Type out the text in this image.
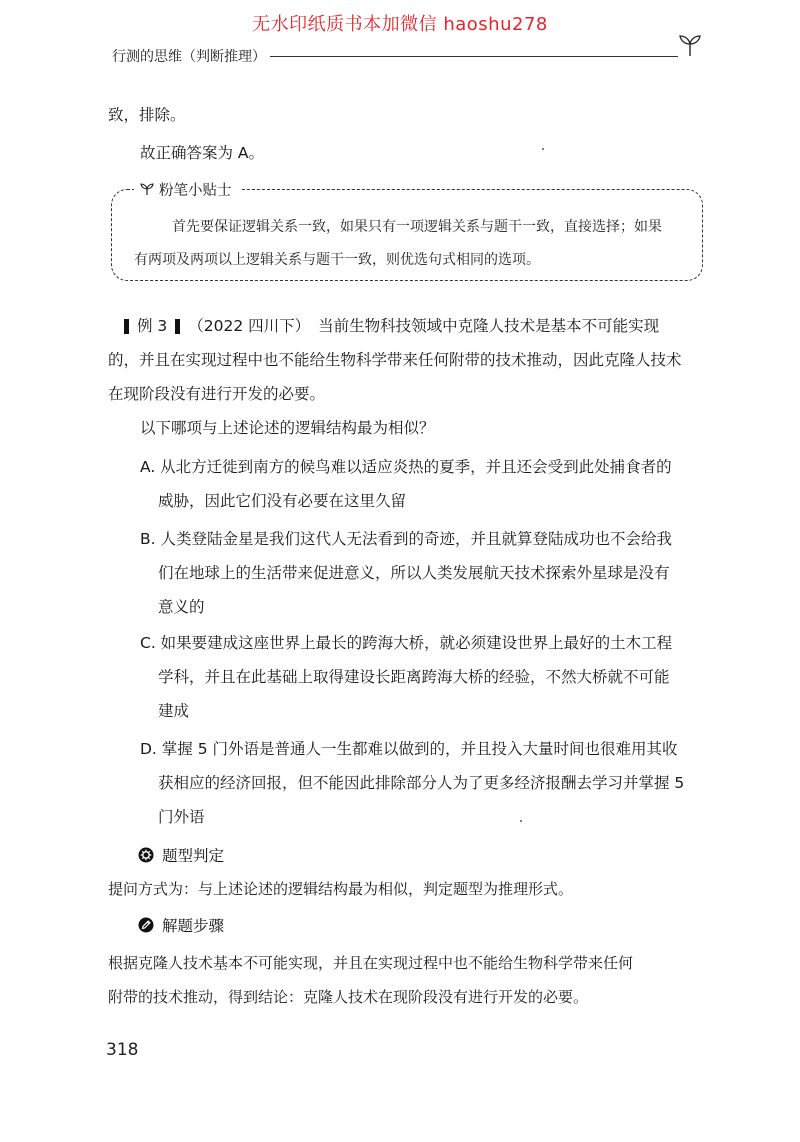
无水印纸质书本加微信 haoshu278
行测的思维（判断推理）
致，排除。
故正确答案为 A。
粉笔小贴士
首先要保证逻辑关系一致，如果只有一项逻辑关系与题干一致，直接选择；如果
有两项及两项以上逻辑关系与题干一致，则优选句式相同的选项。
例 3 （2022 四川下） 当前生物科技领域中克隆人技术是基本不可能实现
的，并且在实现过程中也不能给生物科学带来任何附带的技术推动，因此克隆人技术
在现阶段没有进行开发的必要。
以下哪项与上述论述的逻辑结构最为相似？
A. 从北方迁徙到南方的候鸟难以适应炎热的夏季，并且还会受到此处捕食者的
威胁，因此它们没有必要在这里久留
B. 人类登陆金星是我们这代人无法看到的奇迹，并且就算登陆成功也不会给我
们在地球上的生活带来促进意义，所以人类发展航天技术探索外星球是没有
意义的
C. 如果要建成这座世界上最长的跨海大桥，就必须建设世界上最好的土木工程
学科，并且在此基础上取得建设长距离跨海大桥的经验，不然大桥就不可能
建成
D. 掌握 5 门外语是普通人一生都难以做到的，并且投入大量时间也很难用其收
获相应的经济回报，但不能因此排除部分人为了更多经济报酬去学习并掌握 5
门外语
题型判定
提问方式为：与上述论述的逻辑结构最为相似，判定题型为推理形式。
解题步骤
根据克隆人技术基本不可能实现，并且在实现过程中也不能给生物科学带来任何
附带的技术推动，得到结论：克隆人技术在现阶段没有进行开发的必要。
318
